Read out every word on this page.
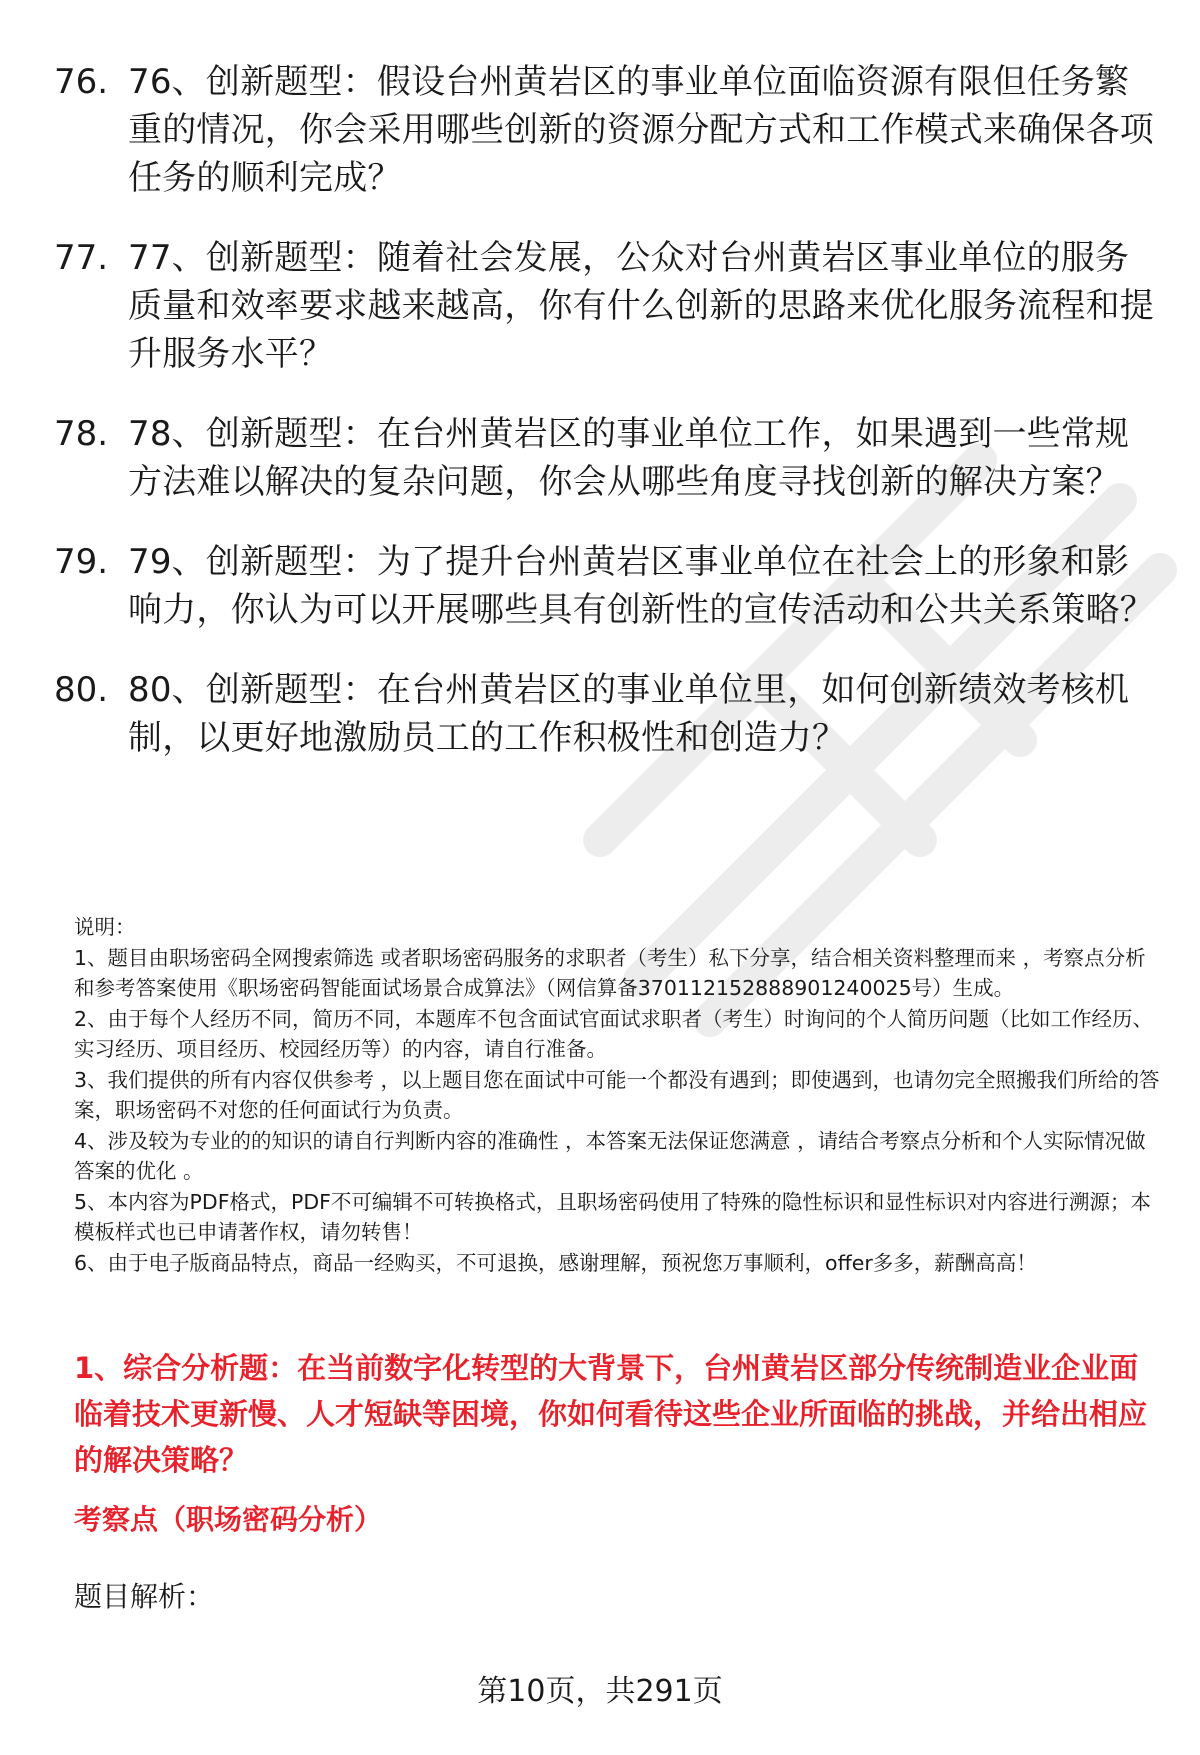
76. 76、创新题型：假设台州黄岩区的事业单位面临资源有限但任务繁重的情况，你会采用哪些创新的资源分配方式和工作模式来确保各项任务的顺利完成？
77. 77、创新题型：随着社会发展，公众对台州黄岩区事业单位的服务质量和效率要求越来越高，你有什么创新的思路来优化服务流程和提升服务水平？
78. 78、创新题型：在台州黄岩区的事业单位工作，如果遇到一些常规方法难以解决的复杂问题，你会从哪些角度寻找创新的解决方案？
79. 79、创新题型：为了提升台州黄岩区事业单位在社会上的形象和影响力，你认为可以开展哪些具有创新性的宣传活动和公共关系策略？
80. 80、创新题型：在台州黄岩区的事业单位里，如何创新绩效考核机制，以更好地激励员工的工作积极性和创造力？

说明：

1、题目由职场密码全网搜索筛选 或者职场密码服务的求职者（考生）私下分享，结合相关资料整理而来 ，考察点分析和参考答案使用《职场密码智能面试场景合成算法》（网信算备370112152888901240025号）生成。

2、由于每个人经历不同，简历不同，本题库不包含面试官面试求职者（考生）时询问的个人简历问题（比如工作经历、实习经历、项目经历、校园经历等）的内容，请自行准备。

3、我们提供的所有内容仅供参考 ，以上题目您在面试中可能一个都没有遇到；即使遇到，也请勿完全照搬我们所给的答案，职场密码不对您的任何面试行为负责。

4、涉及较为专业的的知识的请自行判断内容的准确性 ，本答案无法保证您满意 ，请结合考察点分析和个人实际情况做答案的优化 。

5、本内容为PDF格式，PDF不可编辑不可转换格式，且职场密码使用了特殊的隐性标识和显性标识对内容进行溯源；本模板样式也已申请著作权，请勿转售！

6、由于电子版商品特点，商品一经购买，不可退换，感谢理解，预祝您万事顺利，offer多多，薪酬高高！

1、综合分析题：在当前数字化转型的大背景下，台州黄岩区部分传统制造业企业面临着技术更新慢、人才短缺等困境，你如何看待这些企业所面临的挑战，并给出相应的解决策略？
考察点（职场密码分析）

题目解析：

第10页，共291页
